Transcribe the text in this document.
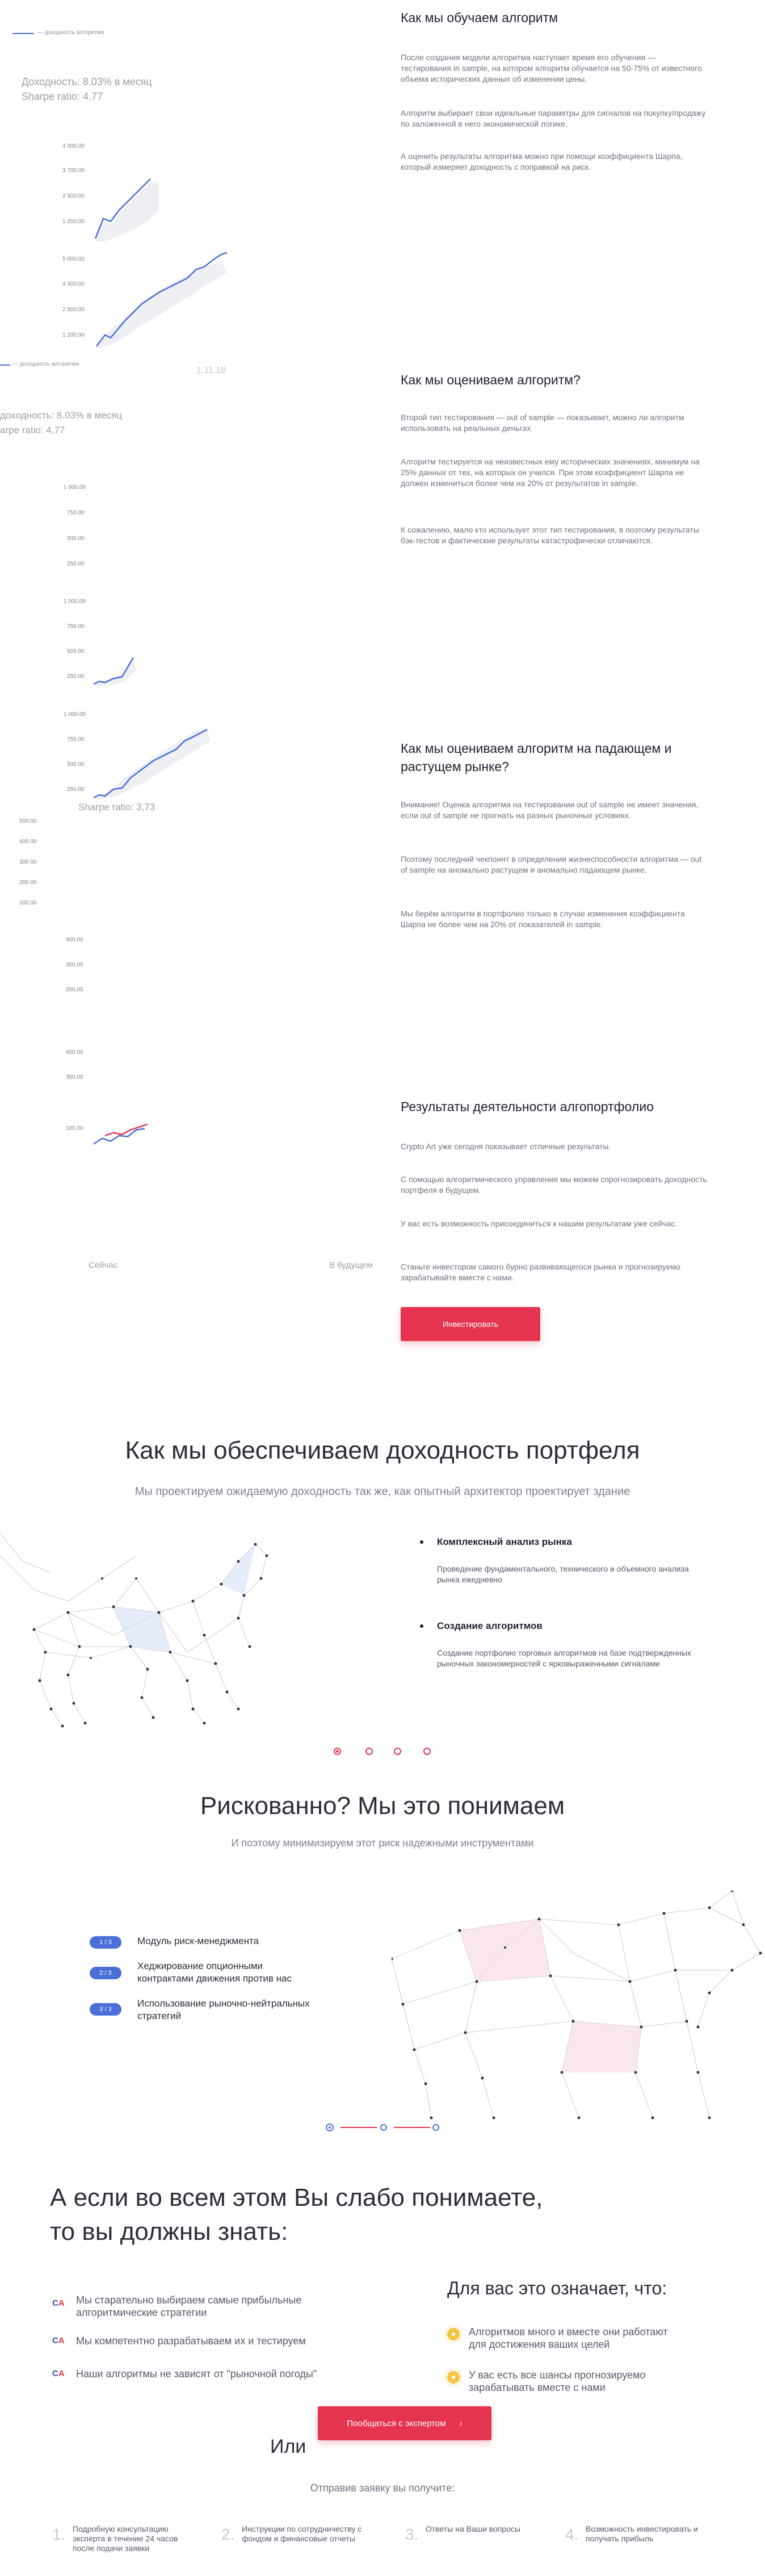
— доходность алгоритма
Доходность: 8.03% в месяц
Sharpe ratio: 4,77
4 000.00
3 700.00
2 500.00
1 200.00
5 000.00
4 000.00
2 500.00
1 200.00
— доходность алгоритма
1.11.18
Как мы обучаем алгоритм
После создания модели алгоритма наступает время его обучения — тестирования in sample, на котором алгоритм обучается на 50-75% от известного объема исторических данных об изменении цены.
Алгоритм выбирает свои идеальные параметры для сигналов на покупку/продажу по заложенной в него экономической логике.
А оценить результаты алгоритма можно при помощи коэффициента Шарпа, который измеряет доходность с поправкой на риск.
доходность: 8.03% в месяц
arpe ratio: 4,77
1 000.00
750.00
500.00
250.00
1 000.00
750.00
500.00
250.00
1 000.00
750.00
500.00
250.00
Sharpe ratio: 3,73
500.00
400.00
300.00
200.00
100.00
Как мы оцениваем алгоритм?
Второй тип тестирования — out of sample — показывает, можно ли алгоритм использовать на реальных деньгах
Алгоритм тестируется на неизвестных ему исторических значениях, минимум на 25% данных от тех, на которых он учился. При этом коэффициент Шарпа не должен измениться более чем на 20% от результатов in sample.
К сожалению, мало кто использует этот тип тестирования, в поэтому результаты бэк-тестов и фактические результаты катастрофически отличаются.
Как мы оцениваем алгоритм на падающем и растущем рынке?
Внимание! Оценка алгоритма на тестировании out of sample не имеет значения, если out of sample не прогнать на разных рыночных условиях.
Поэтому последний чекпоинт в определении жизнеспособности алгоритма — out of sample на аномально растущем и аномально падающем рынке.
Мы берём алгоритм в портфолио только в случае изменения коэффициента Шарпа не более чем на 20% от показателей in sample.
400.00
300.00
200.00
400.00
300.00
100.00
Сейчас	В будущем
Результаты деятельности алгопортфолио
Crypto Art уже сегодня показывает отличные результаты.
С помощью алгоритмического управления мы можем спрогнозировать доходность портфеля в будущем.
У вас есть возможность присоединиться к нашим результатам уже сейчас.
Станьте инвестором самого бурно развивающегося рынка и прогнозируемо зарабатывайте вместе с нами.
Инвестировать
Как мы обеспечиваем доходность портфеля
Мы проектируем ожидаемую доходность так же, как опытный архитектор проектирует здание
Комплексный анализ рынка
Проведение фундаментального, технического и объемного анализа рынка ежедневно
Создание алгоритмов
Создание портфолио торговых алгоритмов на базе подтвержденных рыночных закономерностей с ярковыраженными сигналами
Рискованно? Мы это понимаем
И поэтому минимизируем этот риск надежными инструментами
1 / 3	Модуль риск-менеджмента
2 / 3
Хеджирование опционными контрактами движения против нас
3 / 3
Использование рыночно-нейтральных стратегий
А если во всем этом Вы слабо понимаете,
то вы должны знать:
CA Мы старательно выбираем самые прибыльные алгоритмические стратегии
CA Мы компетентно разрабатываем их и тестируем
CA Наши алгоритмы не зависят от "рыночной погоды"
Для вас это означает, что:
Алгоритмов много и вместе они работают для достижения ваших целей
У вас есть все шансы прогнозируемо зарабатывать вместе с нами
Или
Пообщаться с экспертом ›
Отправив заявку вы получите:
1. Подробную консультацию эксперта в течение 24 часов после подачи заявки
2. Инструкции по сотрудничеству с фондом и финансовые отчеты	3. Ответы на Ваши вопросы	4. Возможность инвестировать и получать прибыль
